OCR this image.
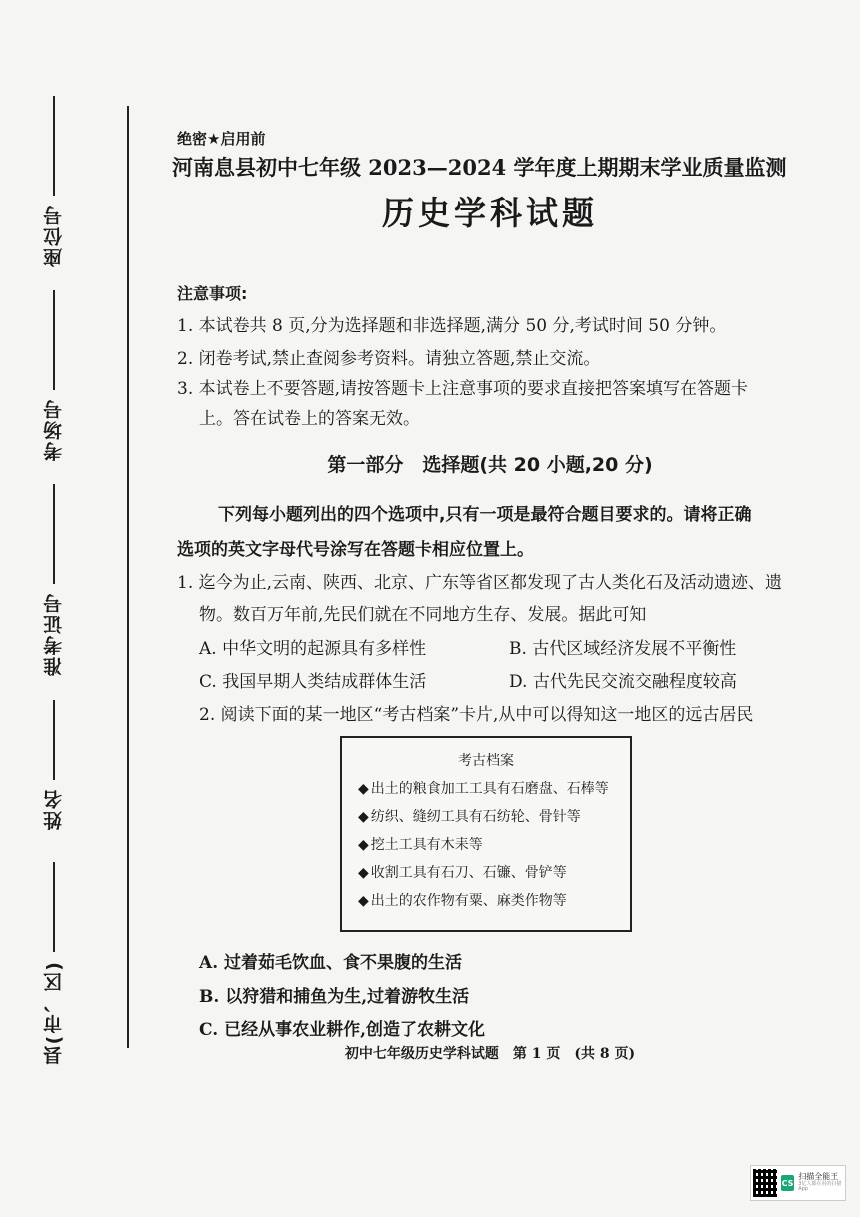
座位号
考场号
准考证号
姓名
县(市、区)
绝密★启用前
河南息县初中七年级 2023—2024 学年度上期期末学业质量监测
历史学科试题
注意事项:
1. 本试卷共 8 页,分为选择题和非选择题,满分 50 分,考试时间 50 分钟。
2. 闭卷考试,禁止查阅参考资料。请独立答题,禁止交流。
3. 本试卷上不要答题,请按答题卡上注意事项的要求直接把答案填写在答题卡
上。答在试卷上的答案无效。
第一部分　选择题(共 20 小题,20 分)
下列每小题列出的四个选项中,只有一项是最符合题目要求的。请将正确
选项的英文字母代号涂写在答题卡相应位置上。
1. 迄今为止,云南、陕西、北京、广东等省区都发现了古人类化石及活动遗迹、遗
物。数百万年前,先民们就在不同地方生存、发展。据此可知
A. 中华文明的起源具有多样性	B. 古代区域经济发展不平衡性
C. 我国早期人类结成群体生活	D. 古代先民交流交融程度较高
2. 阅读下面的某一地区“考古档案”卡片,从中可以得知这一地区的远古居民
考古档案
◆ 出土的粮食加工工具有石磨盘、石棒等
◆ 纺织、缝纫工具有石纺轮、骨针等
◆ 挖土工具有木耒等
◆ 收割工具有石刀、石镰、骨铲等
◆ 出土的农作物有粟、麻类作物等
A. 过着茹毛饮血、食不果腹的生活
B. 以狩猎和捕鱼为生,过着游牧生活
C. 已经从事农业耕作,创造了农耕文化
初中七年级历史学科试题　第 1 页　(共 8 页)
CS
扫描全能王
3亿人都在用的扫描App
